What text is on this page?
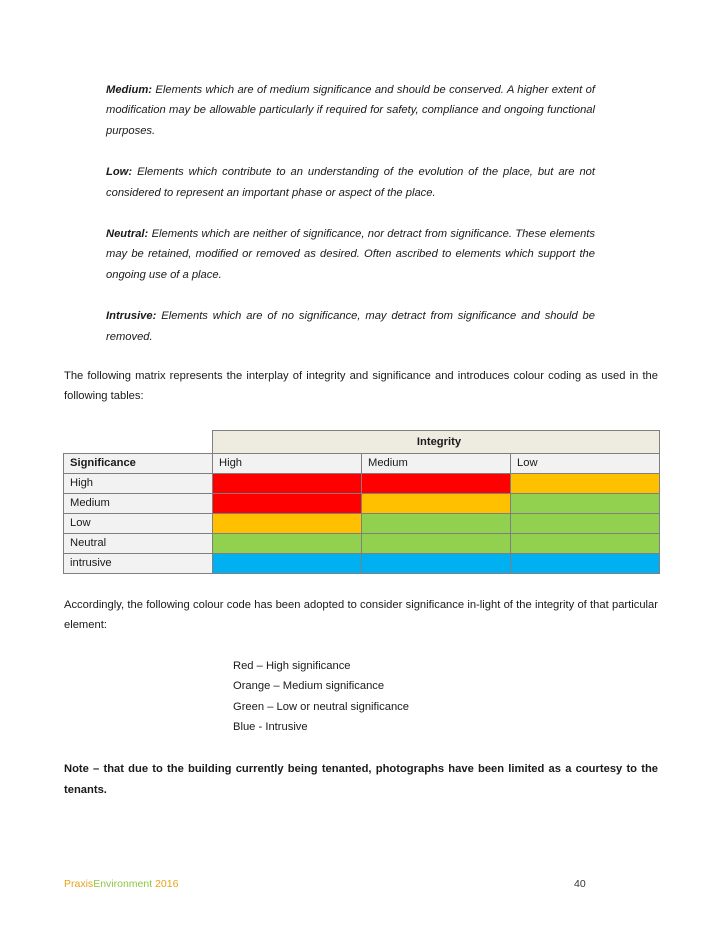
Medium: Elements which are of medium significance and should be conserved. A higher extent of modification may be allowable particularly if required for safety, compliance and ongoing functional purposes.

Low: Elements which contribute to an understanding of the evolution of the place, but are not considered to represent an important phase or aspect of the place.

Neutral: Elements which are neither of significance, nor detract from significance. These elements may be retained, modified or removed as desired. Often ascribed to elements which support the ongoing use of a place.

Intrusive: Elements which are of no significance, may detract from significance and should be removed.

The following matrix represents the interplay of integrity and significance and introduces colour coding as used in the following tables:

	Integrity		
Significance	High	Medium	Low
High			
Medium			
Low			
Neutral			
intrusive			

Accordingly, the following colour code has been adopted to consider significance in-light of the integrity of that particular element:

Red – High significance
Orange – Medium significance
Green – Low or neutral significance
Blue - Intrusive

Note – that due to the building currently being tenanted, photographs have been limited as a courtesy to the tenants.

PraxisEnvironment 2016	40
